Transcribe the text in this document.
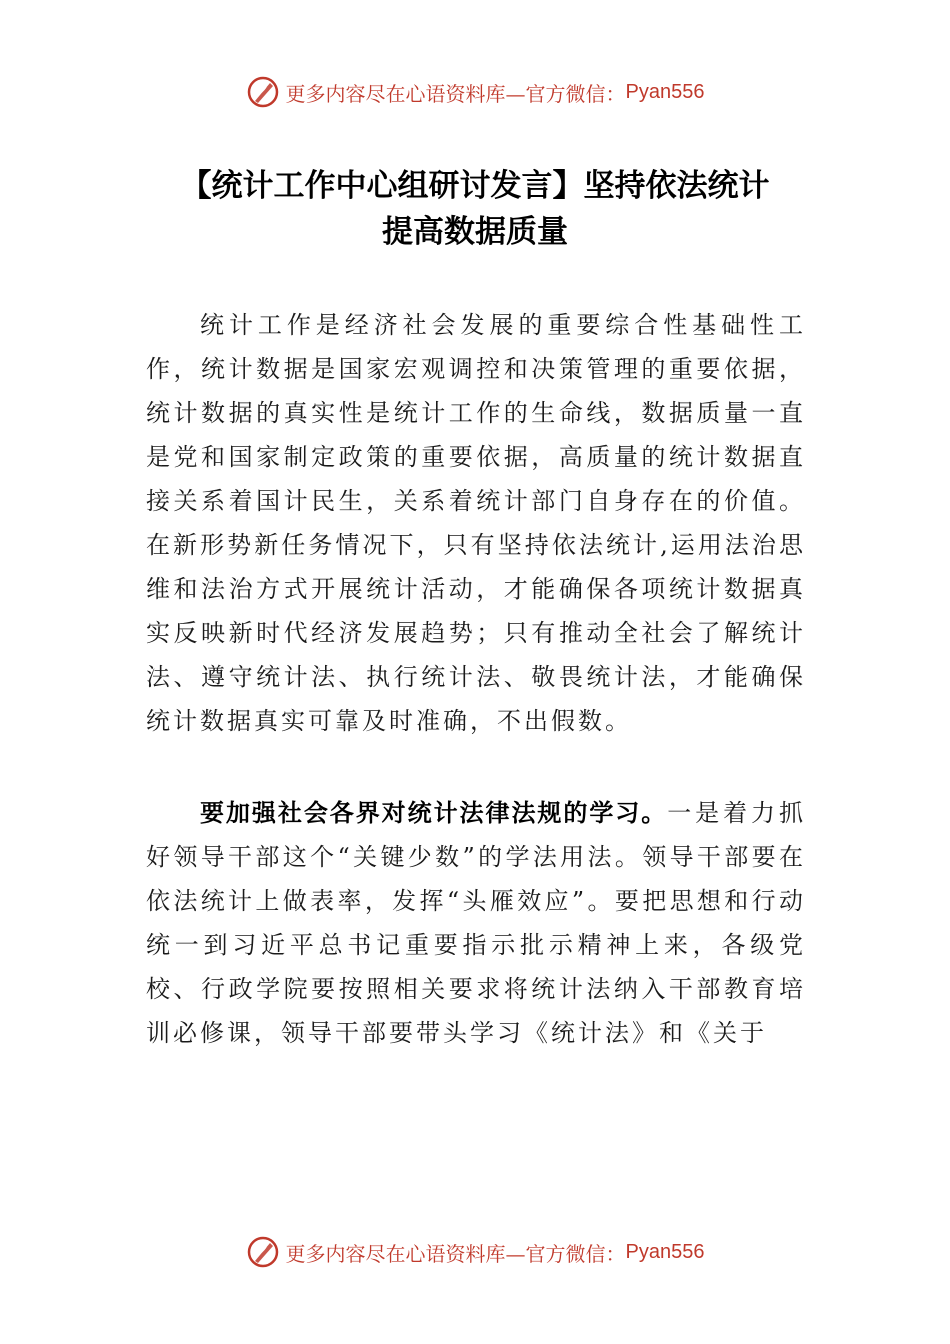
更多内容尽在心语资料库—官方微信： Pyan556
【统计工作中心组研讨发言】坚持依法统计
提高数据质量

统计工作是经济社会发展的重要综合性基础性工作，统计数据是国家宏观调控和决策管理的重要依据，统计数据的真实性是统计工作的生命线，数据质量一直是党和国家制定政策的重要依据，高质量的统计数据直接关系着国计民生，关系着统计部门自身存在的价值。在新形势新任务情况下，只有坚持依法统计,运用法治思维和法治方式开展统计活动，才能确保各项统计数据真实反映新时代经济发展趋势；只有推动全社会了解统计法、遵守统计法、执行统计法、敬畏统计法，才能确保统计数据真实可靠及时准确，不出假数。

要加强社会各界对统计法律法规的学习。一是着力抓好领导干部这个“关键少数”的学法用法。领导干部要在依法统计上做表率，发挥“头雁效应”。要把思想和行动统一到习近平总书记重要指示批示精神上来，各级党校、行政学院要按照相关要求将统计法纳入干部教育培训必修课，领导干部要带头学习《统计法》和《关于

更多内容尽在心语资料库—官方微信： Pyan556
